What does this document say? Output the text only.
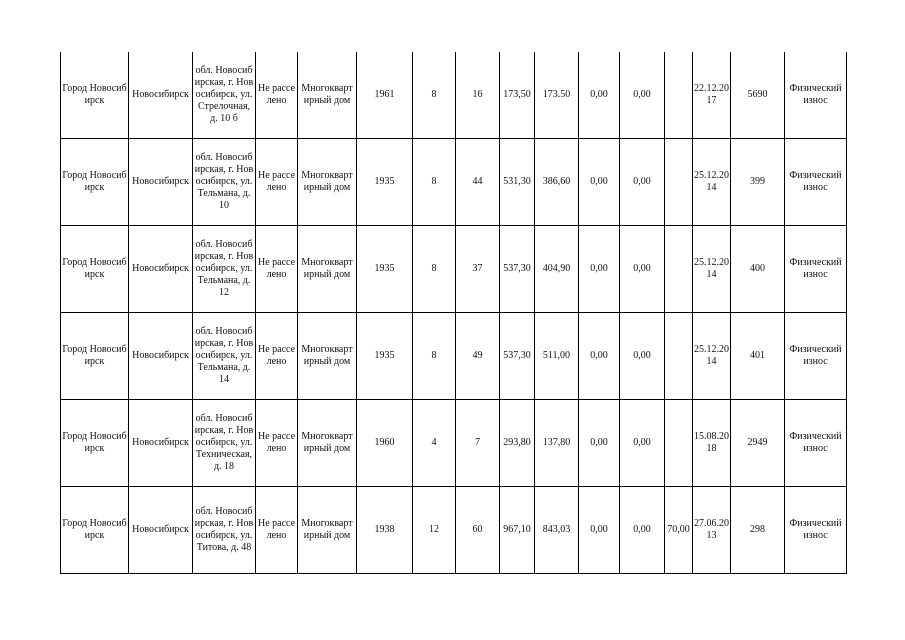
Город Новосибирск	Новосибирск	обл. Новосибирская, г. Новосибирск, ул. Стрелочная, д. 10 б	Не расселено	Многоквартирный дом	1961	8	16	173,50	173.50	0,00	0,00		22.12.2017	5690	Физический износ

Город Новосибирск	Новосибирск	обл. Новосибирская, г. Новосибирск, ул. Тельмана, д. 10	Не расселено	Многоквартирный дом	1935	8	44	531,30	386,60	0,00	0,00		25.12.2014	399	Физический износ

Город Новосибирск	Новосибирск	обл. Новосибирская, г. Новосибирск, ул. Тельмана, д. 12	Не расселено	Многоквартирный дом	1935	8	37	537,30	404,90	0,00	0,00		25.12.2014	400	Физический износ

Город Новосибирск	Новосибирск	обл. Новосибирская, г. Новосибирск, ул. Тельмана, д. 14	Не расселено	Многоквартирный дом	1935	8	49	537,30	511,00	0,00	0,00		25.12.2014	401	Физический износ

Город Новосибирск	Новосибирск	обл. Новосибирская, г. Новосибирск, ул. Техническая, д. 18	Не расселено	Многоквартирный дом	1960	4	7	293,80	137,80	0,00	0,00		15.08.2018	2949	Физический износ

Город Новосибирск	Новосибирск	обл. Новосибирская, г. Новосибирск, ул. Титова, д. 48	Не расселено	Многоквартирный дом	1938	12	60	967,10	843,03	0,00	0,00	70,00	27.06.2013	298	Физический износ
